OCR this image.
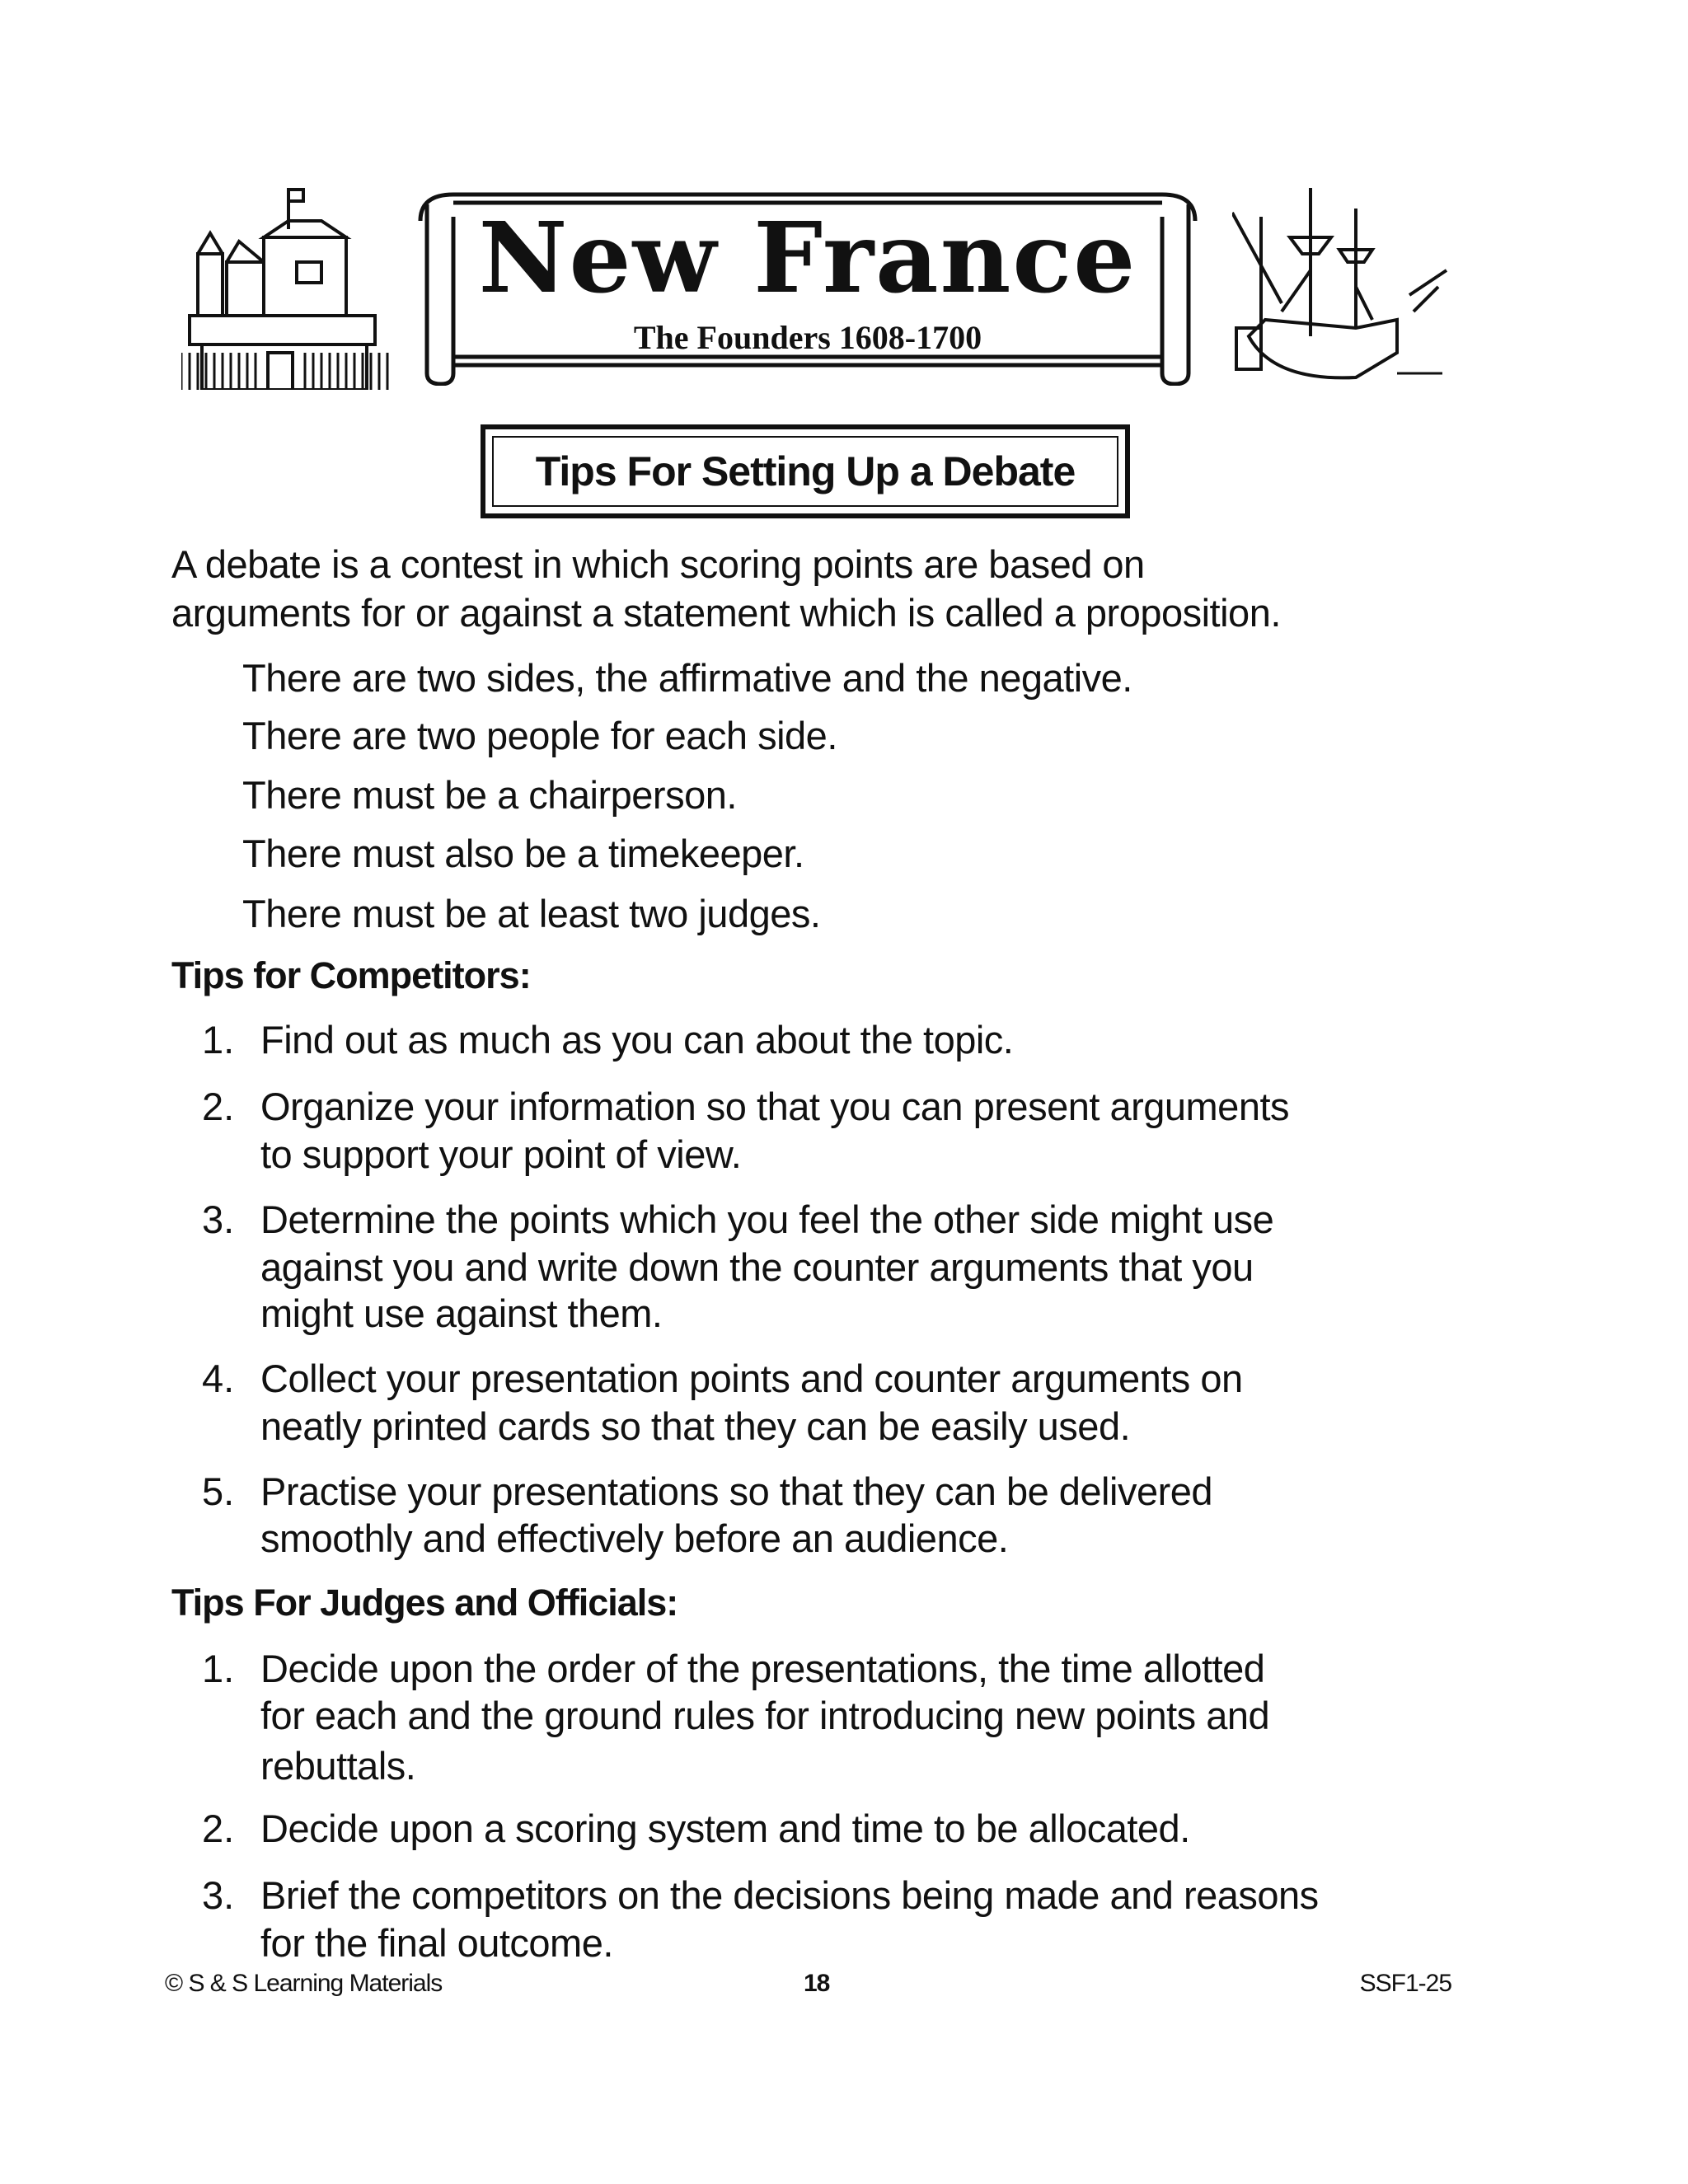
New France
The Founders 1608-1700
Tips For Setting Up a Debate
A debate is a contest in which scoring points are based on
arguments for or against a statement which is called a proposition.
There are two sides, the affirmative and the negative.
There are two people for each side.
There must be a chairperson.
There must also be a timekeeper.
There must be at least two judges.
Tips for Competitors:
1. Find out as much as you can about the topic.
2. Organize your information so that you can present arguments
to support your point of view.
3. Determine the points which you feel the other side might use
against you and write down the counter arguments that you
might use against them.
4. Collect your presentation points and counter arguments on
neatly printed cards so that they can be easily used.
5. Practise your presentations so that they can be delivered
smoothly and effectively before an audience.
Tips For Judges and Officials:
1. Decide upon the order of the presentations, the time allotted
for each and the ground rules for introducing new points and
rebuttals.
2. Decide upon a scoring system and time to be allocated.
3. Brief the competitors on the decisions being made and reasons
for the final outcome.
© S & S Learning Materials	18	SSF1-25
